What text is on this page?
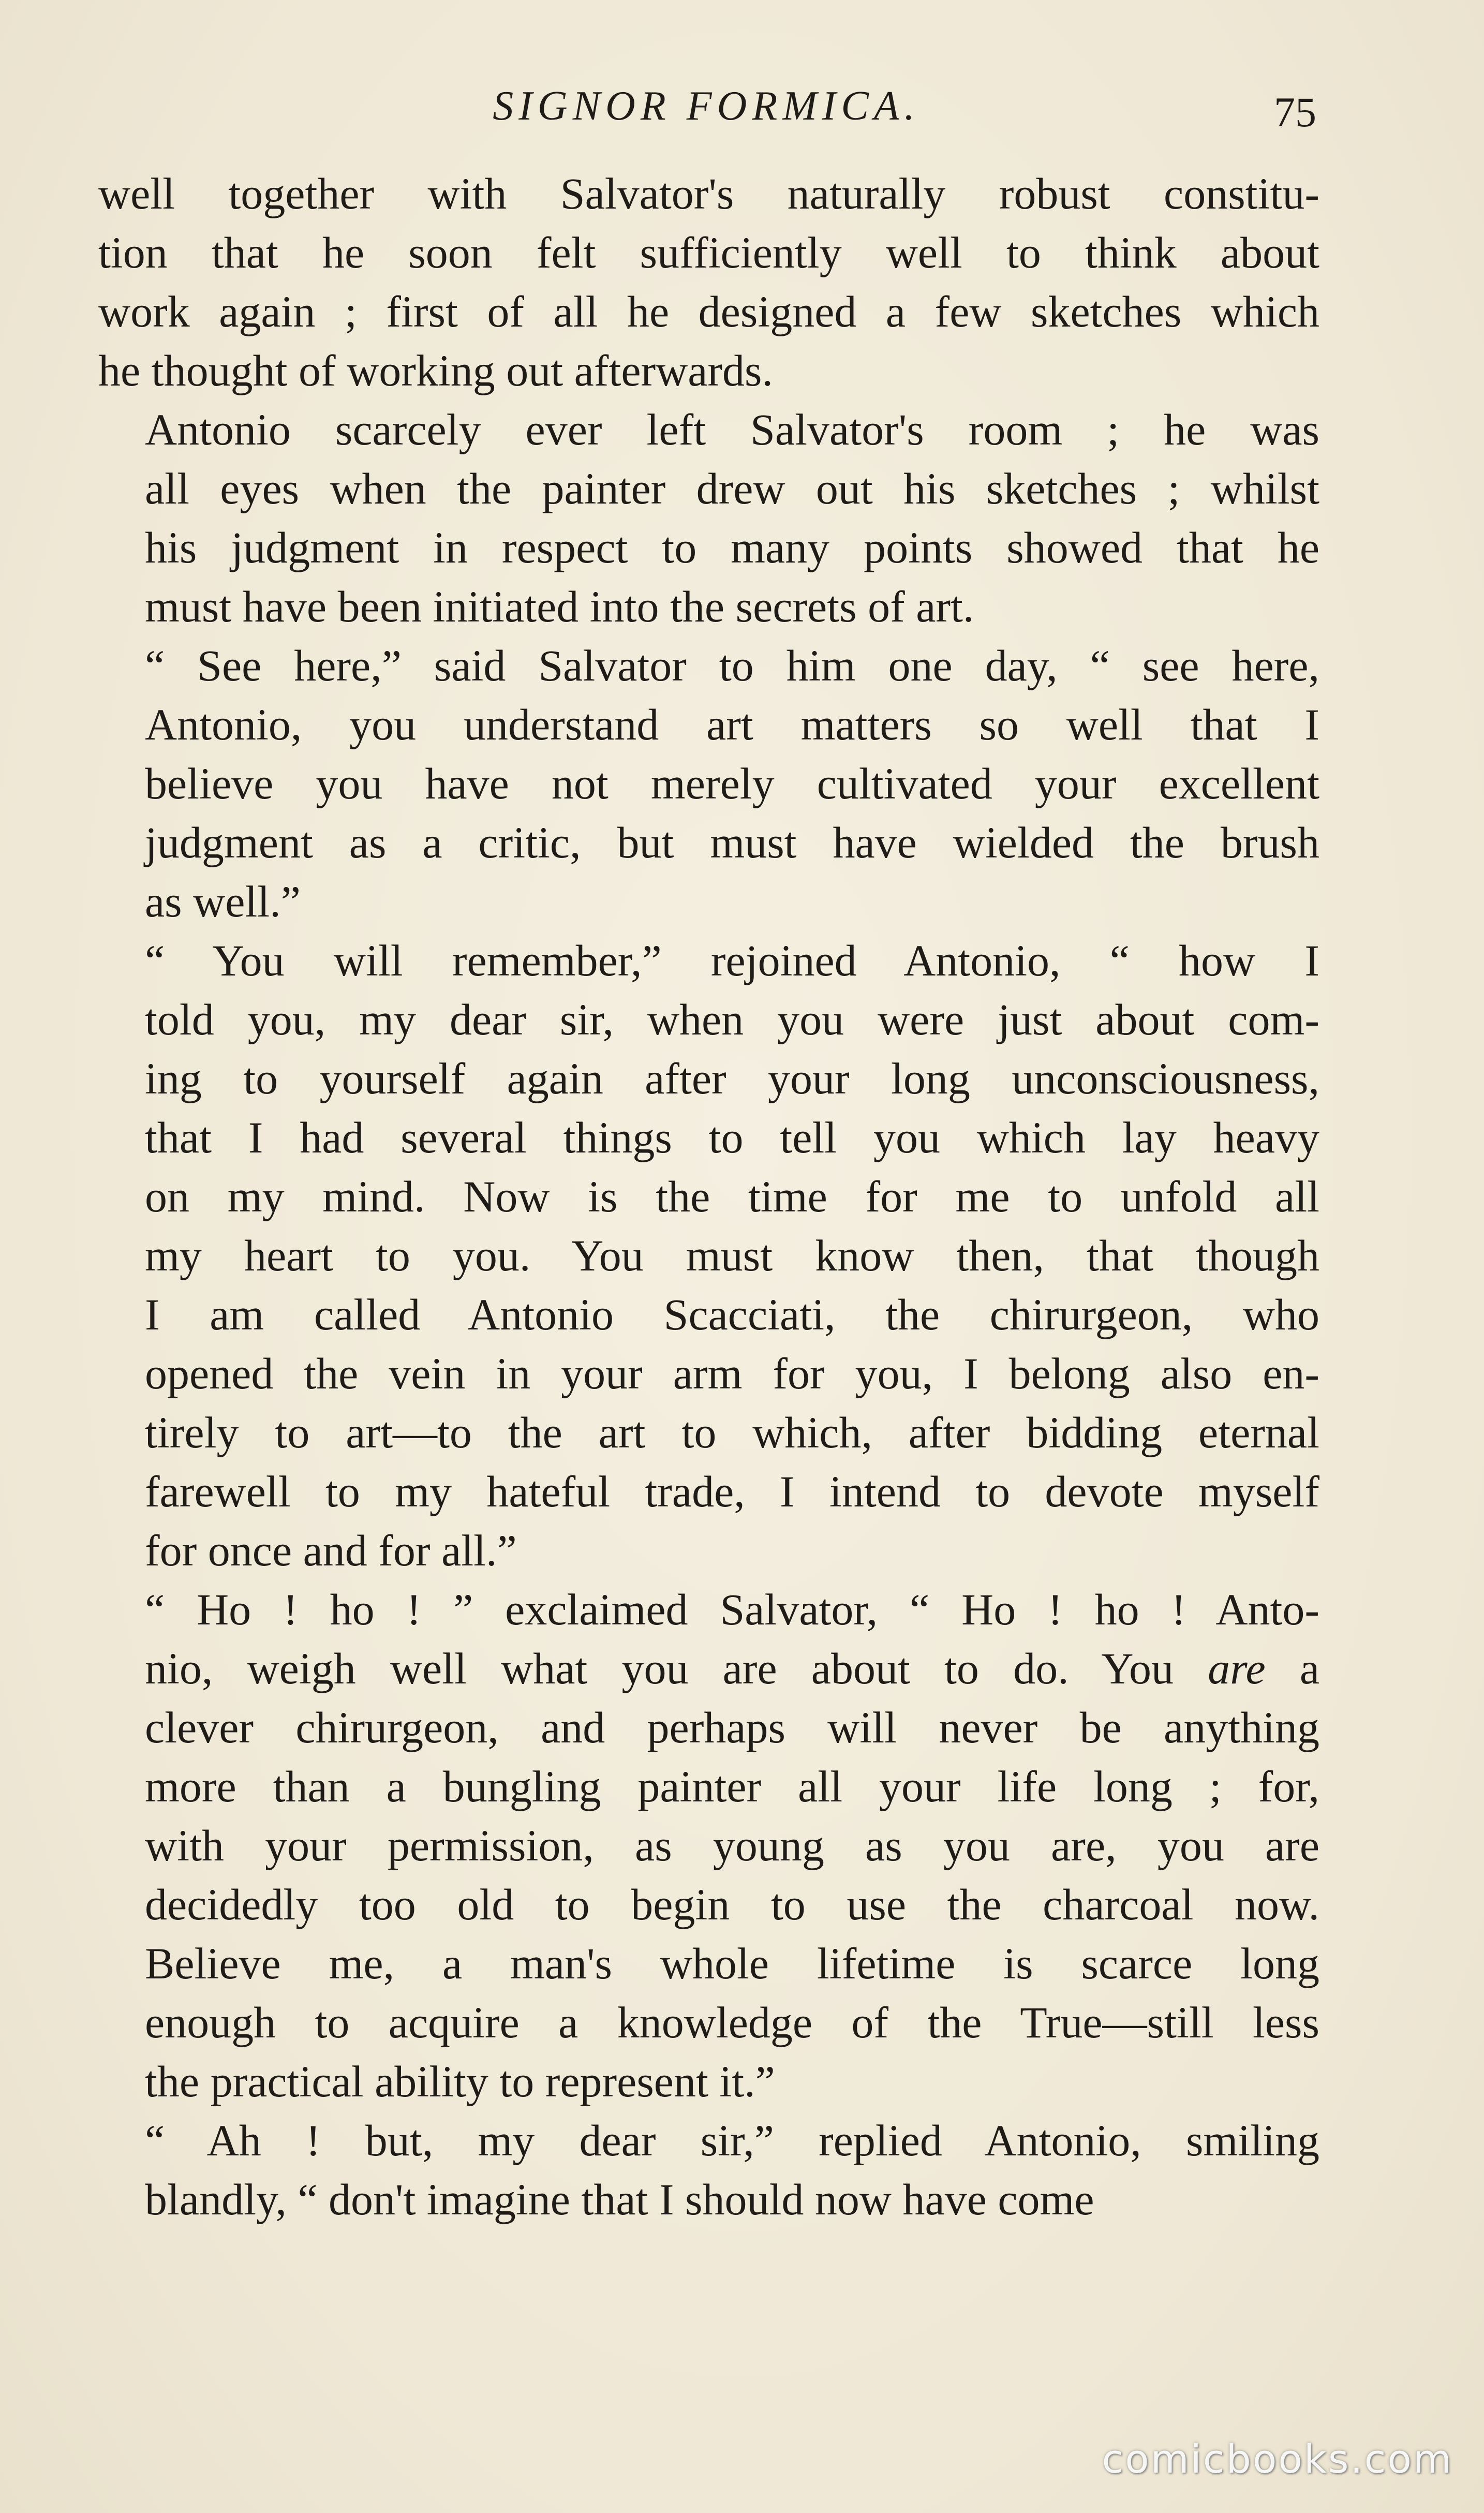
SIGNOR FORMICA.	75

well together with Salvator's naturally robust constitu-
tion that he soon felt sufficiently well to think about
work again ; first of all he designed a few sketches which
he thought of working out afterwards.

Antonio scarcely ever left Salvator's room ; he was
all eyes when the painter drew out his sketches ; whilst
his judgment in respect to many points showed that he
must have been initiated into the secrets of art.

“ See here,” said Salvator to him one day, “ see here,
Antonio, you understand art matters so well that I
believe you have not merely cultivated your excellent
judgment as a critic, but must have wielded the brush
as well.”

“ You will remember,” rejoined Antonio, “ how I
told you, my dear sir, when you were just about com-
ing to yourself again after your long unconsciousness,
that I had several things to tell you which lay heavy
on my mind. Now is the time for me to unfold all
my heart to you. You must know then, that though
I am called Antonio Scacciati, the chirurgeon, who
opened the vein in your arm for you, I belong also en-
tirely to art—to the art to which, after bidding eternal
farewell to my hateful trade, I intend to devote myself
for once and for all.”

“ Ho ! ho ! ” exclaimed Salvator, “ Ho ! ho ! Anto-
nio, weigh well what you are about to do. You are a
clever chirurgeon, and perhaps will never be anything
more than a bungling painter all your life long ; for,
with your permission, as young as you are, you are
decidedly too old to begin to use the charcoal now.
Believe me, a man's whole lifetime is scarce long
enough to acquire a knowledge of the True—still less
the practical ability to represent it.”

“ Ah ! but, my dear sir,” replied Antonio, smiling
blandly, “ don't imagine that I should now have come

comicbooks.com
